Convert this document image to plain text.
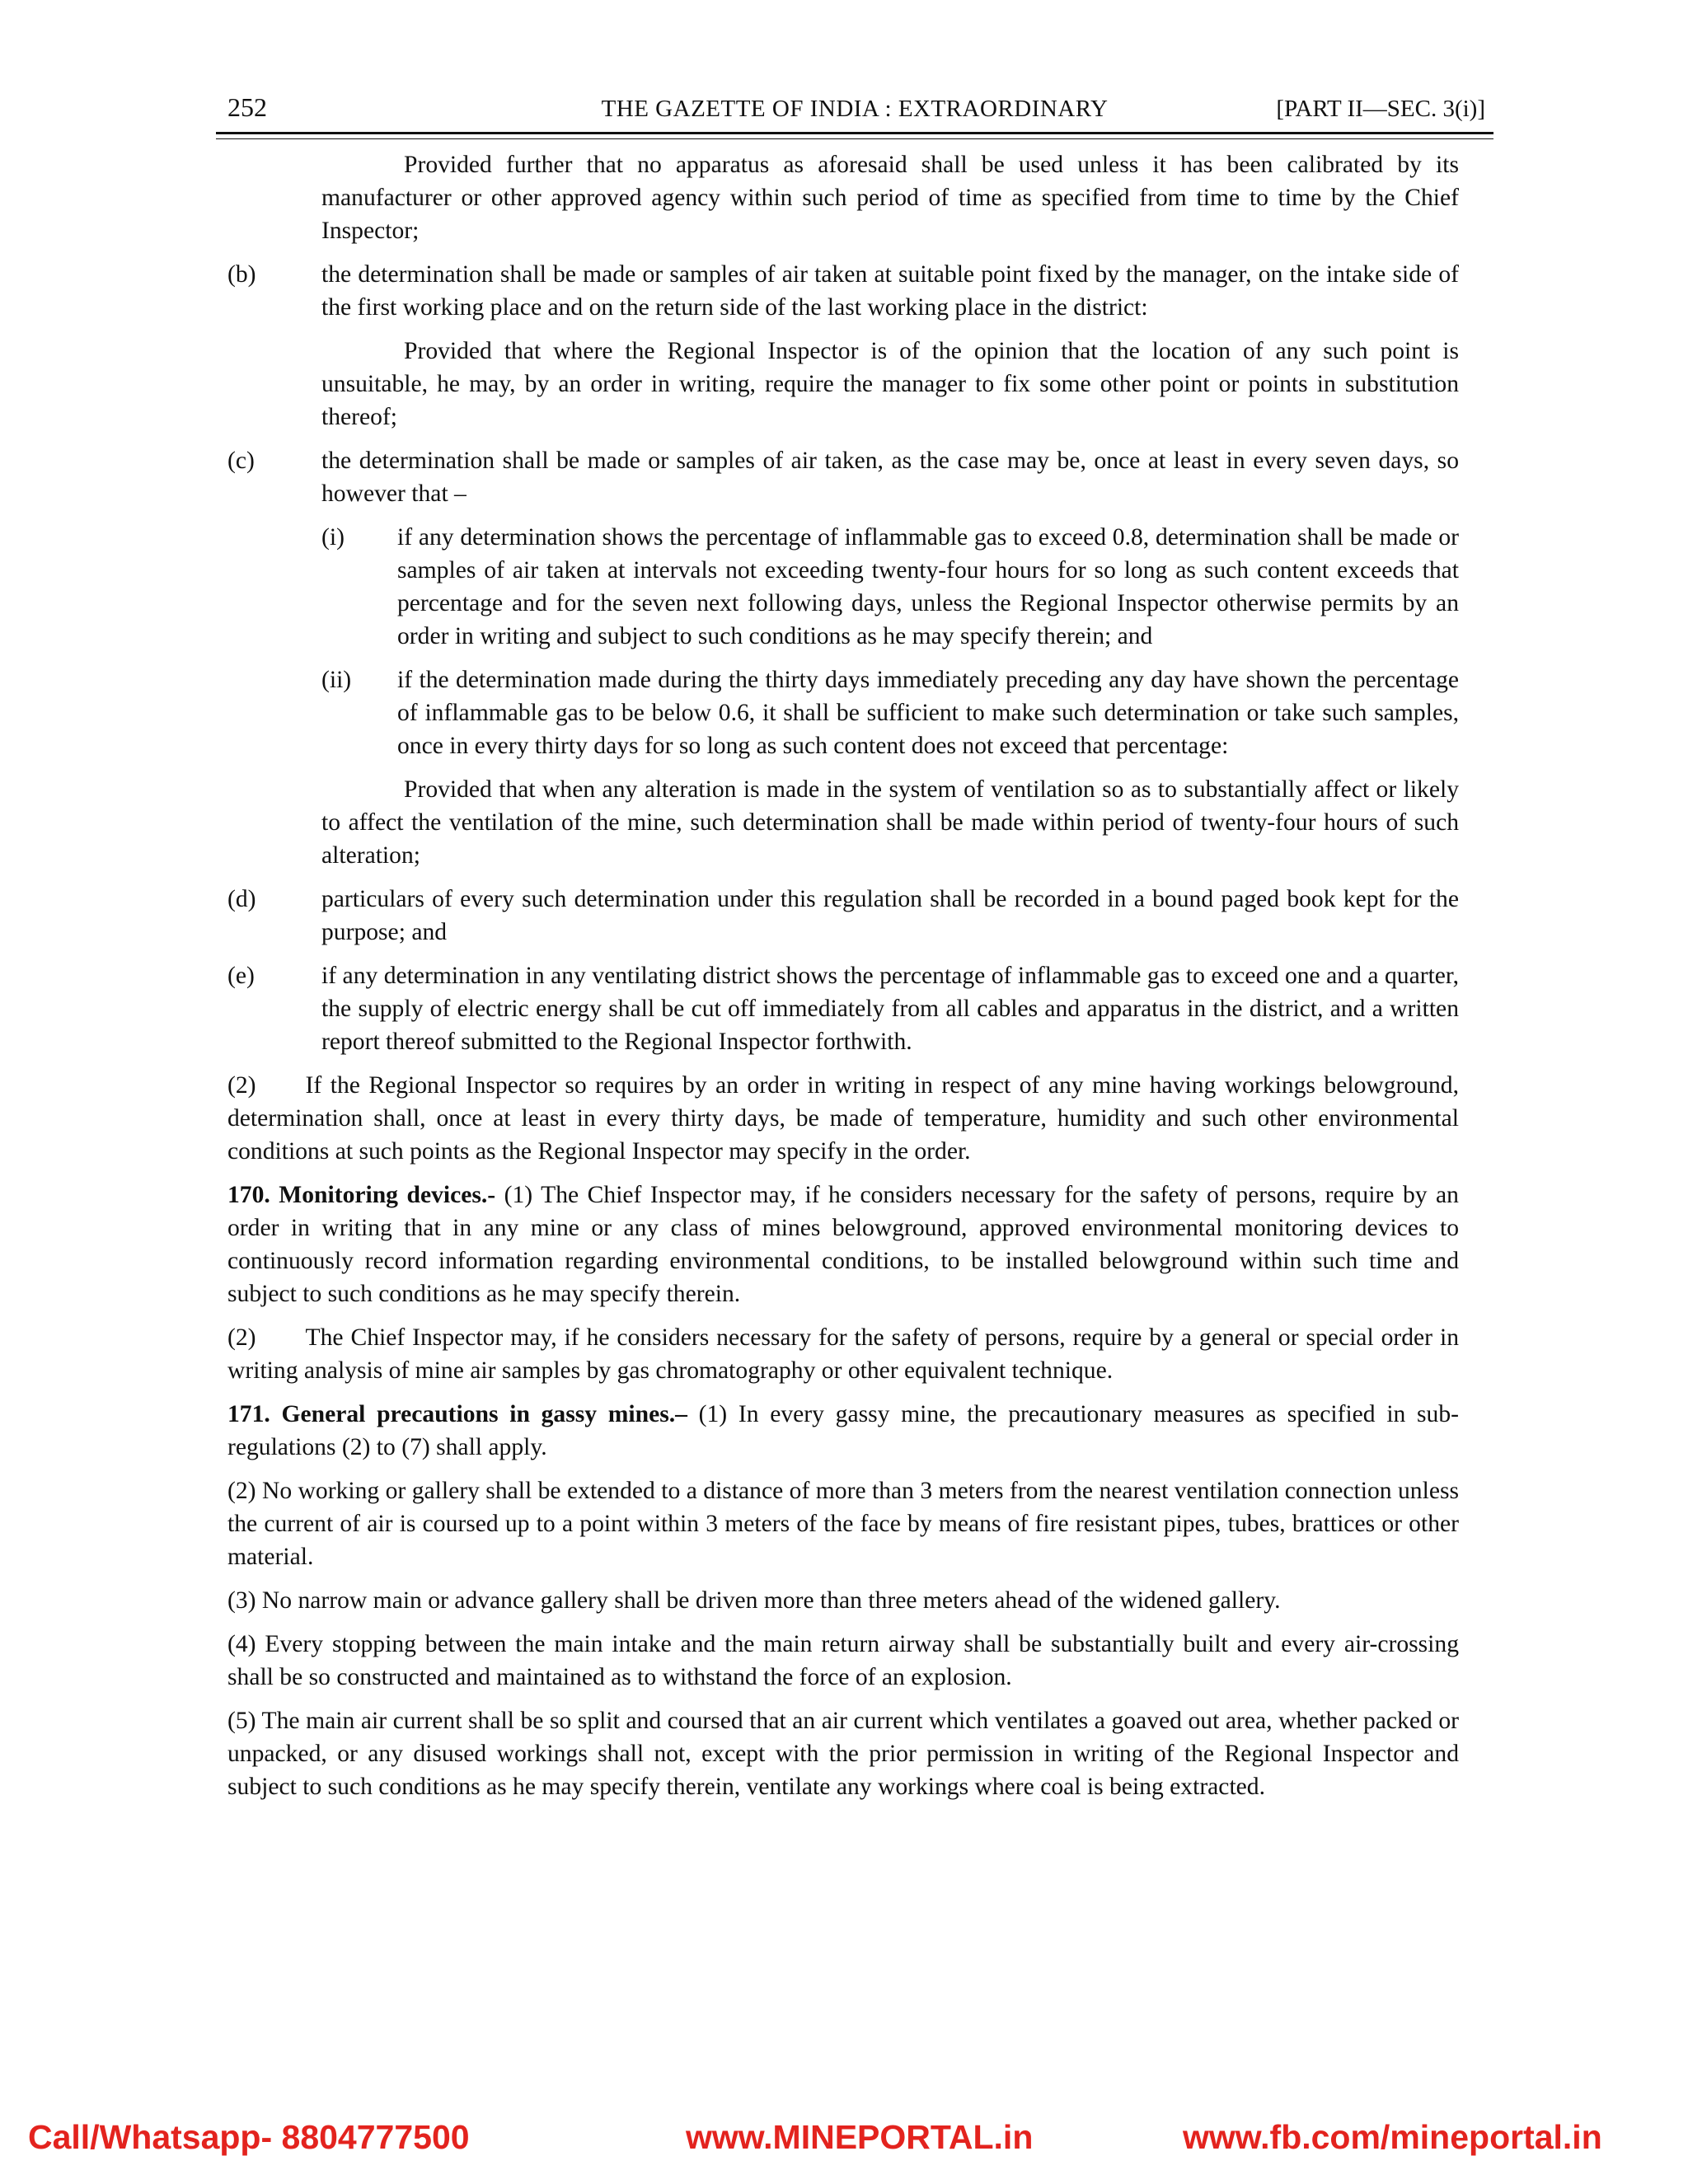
252	THE GAZETTE OF INDIA : EXTRAORDINARY	[PART II—SEC. 3(i)]

Provided further that no apparatus as aforesaid shall be used unless it has been calibrated by its manufacturer or other approved agency within such period of time as specified from time to time by the Chief Inspector;

(b)	the determination shall be made or samples of air taken at suitable point fixed by the manager, on the intake side of the first working place and on the return side of the last working place in the district:

Provided that where the Regional Inspector is of the opinion that the location of any such point is unsuitable, he may, by an order in writing, require the manager to fix some other point or points in substitution thereof;

(c)	the determination shall be made or samples of air taken, as the case may be, once at least in every seven days, so however that –
(i) if any determination shows the percentage of inflammable gas to exceed 0.8, determination shall be made or samples of air taken at intervals not exceeding twenty-four hours for so long as such content exceeds that percentage and for the seven next following days, unless the Regional Inspector otherwise permits by an order in writing and subject to such conditions as he may specify therein; and
(ii) if the determination made during the thirty days immediately preceding any day have shown the percentage of inflammable gas to be below 0.6, it shall be sufficient to make such determination or take such samples, once in every thirty days for so long as such content does not exceed that percentage:

Provided that when any alteration is made in the system of ventilation so as to substantially affect or likely to affect the ventilation of the mine, such determination shall be made within period of twenty-four hours of such alteration;

(d)	particulars of every such determination under this regulation shall be recorded in a bound paged book kept for the purpose; and
(e)	if any determination in any ventilating district shows the percentage of inflammable gas to exceed one and a quarter, the supply of electric energy shall be cut off immediately from all cables and apparatus in the district, and a written report thereof submitted to the Regional Inspector forthwith.

(2) If the Regional Inspector so requires by an order in writing in respect of any mine having workings belowground, determination shall, once at least in every thirty days, be made of temperature, humidity and such other environmental conditions at such points as the Regional Inspector may specify in the order.

170. Monitoring devices.- (1) The Chief Inspector may, if he considers necessary for the safety of persons, require by an order in writing that in any mine or any class of mines belowground, approved environmental monitoring devices to continuously record information regarding environmental conditions, to be installed belowground within such time and subject to such conditions as he may specify therein.

(2) The Chief Inspector may, if he considers necessary for the safety of persons, require by a general or special order in writing analysis of mine air samples by gas chromatography or other equivalent technique.

171. General precautions in gassy mines.– (1) In every gassy mine, the precautionary measures as specified in sub-regulations (2) to (7) shall apply.

(2) No working or gallery shall be extended to a distance of more than 3 meters from the nearest ventilation connection unless the current of air is coursed up to a point within 3 meters of the face by means of fire resistant pipes, tubes, brattices or other material.

(3) No narrow main or advance gallery shall be driven more than three meters ahead of the widened gallery.

(4) Every stopping between the main intake and the main return airway shall be substantially built and every air-crossing shall be so constructed and maintained as to withstand the force of an explosion.

(5) The main air current shall be so split and coursed that an air current which ventilates a goaved out area, whether packed or unpacked, or any disused workings shall not, except with the prior permission in writing of the Regional Inspector and subject to such conditions as he may specify therein, ventilate any workings where coal is being extracted.

Call/Whatsapp- 8804777500	www.MINEPORTAL.in	www.fb.com/mineportal.in
